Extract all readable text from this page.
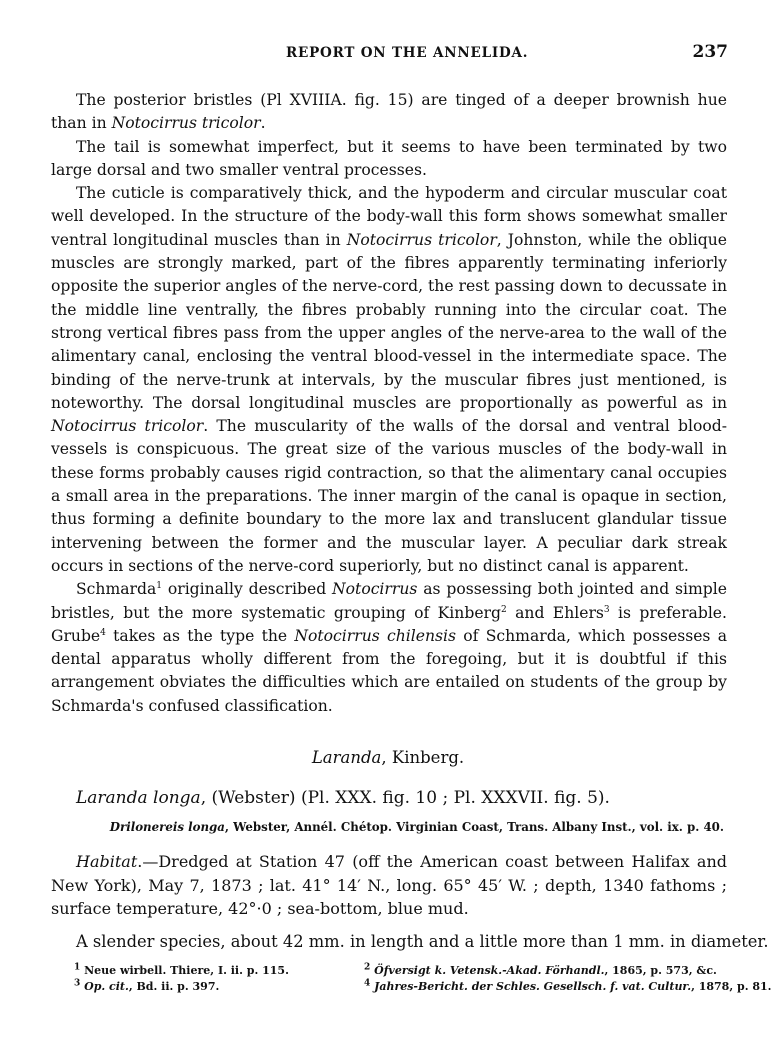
REPORT ON THE ANNELIDA.	237

The posterior bristles (Pl XVIIIA. fig. 15) are tinged of a deeper brownish hue than in Notocirrus tricolor.

The tail is somewhat imperfect, but it seems to have been terminated by two large dorsal and two smaller ventral processes.

The cuticle is comparatively thick, and the hypoderm and circular muscular coat well developed. In the structure of the body-wall this form shows somewhat smaller ventral longitudinal muscles than in Notocirrus tricolor, Johnston, while the oblique muscles are strongly marked, part of the fibres apparently terminating inferiorly opposite the superior angles of the nerve-cord, the rest passing down to decussate in the middle line ventrally, the fibres probably running into the circular coat. The strong vertical fibres pass from the upper angles of the nerve-area to the wall of the alimentary canal, enclosing the ventral blood-vessel in the intermediate space. The binding of the nerve-trunk at intervals, by the muscular fibres just mentioned, is noteworthy. The dorsal longitudinal muscles are proportionally as powerful as in Notocirrus tricolor. The muscularity of the walls of the dorsal and ventral blood-vessels is conspicuous. The great size of the various muscles of the body-wall in these forms probably causes rigid contraction, so that the alimentary canal occupies a small area in the preparations. The inner margin of the canal is opaque in section, thus forming a definite boundary to the more lax and translucent glandular tissue intervening between the former and the muscular layer. A peculiar dark streak occurs in sections of the nerve-cord superiorly, but no distinct canal is apparent.

Schmarda$^1$ originally described Notocirrus as possessing both jointed and simple bristles, but the more systematic grouping of Kinberg$^2$ and Ehlers$^3$ is preferable. Grube$^4$ takes as the type the Notocirrus chilensis of Schmarda, which possesses a dental apparatus wholly different from the foregoing, but it is doubtful if this arrangement obviates the difficulties which are entailed on students of the group by Schmarda's confused classification.

Laranda, Kinberg.
Laranda longa, (Webster) (Pl. XXX. fig. 10 ; Pl. XXXVII. fig. 5).
Drilonereis longa, Webster, Annél. Chétop. Virginian Coast, Trans. Albany Inst., vol. ix. p. 40.

Habitat.—Dredged at Station 47 (off the American coast between Halifax and New York), May 7, 1873 ; lat. 41° 14′ N., long. 65° 45′ W. ; depth, 1340 fathoms ; surface temperature, 42°·0 ; sea-bottom, blue mud.

A slender species, about 42 mm. in length and a little more than 1 mm. in diameter.
$^1$ Neue wirbell. Thiere, I. ii. p. 115.
$^3$ Op. cit., Bd. ii. p. 397.
$^2$ Öfversigt k. Vetensk.-Akad. Förhandl., 1865, p. 573, &c.
$^4$ Jahres-Bericht. der Schles. Gesellsch. f. vat. Cultur., 1878, p. 81.
